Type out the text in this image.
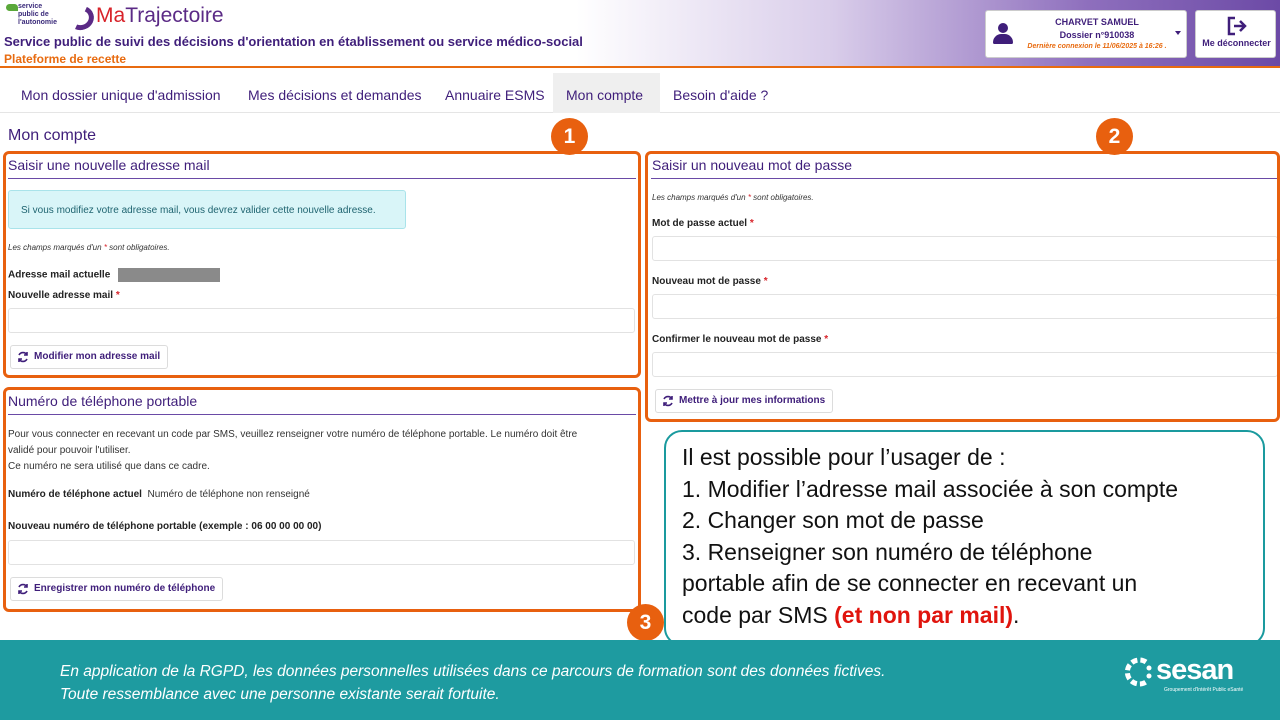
service public de l'autonomie	MaTrajectoire
Service public de suivi des décisions d'orientation en établissement ou service médico-social
Plateforme de recette
CHARVET SAMUEL
Dossier n°910038
Dernière connexion le 11/06/2025 à 16:26 .	Me déconnecter
Mon dossier unique d'admission	Mes décisions et demandes	Annuaire ESMS	Mon compte	Besoin d'aide ?
Mon compte
Saisir une nouvelle adresse mail
Si vous modifiez votre adresse mail, vous devrez valider cette nouvelle adresse.
Les champs marqués d'un * sont obligatoires.
Adresse mail actuelle
Nouvelle adresse mail *
Modifier mon adresse mail
Saisir un nouveau mot de passe
Les champs marqués d'un * sont obligatoires.
Mot de passe actuel *
Nouveau mot de passe *
Confirmer le nouveau mot de passe *
Mettre à jour mes informations
Numéro de téléphone portable
Pour vous connecter en recevant un code par SMS, veuillez renseigner votre numéro de téléphone portable. Le numéro doit être
validé pour pouvoir l'utiliser.
Ce numéro ne sera utilisé que dans ce cadre.
Numéro de téléphone actuel Numéro de téléphone non renseigné
Nouveau numéro de téléphone portable (exemple : 06 00 00 00 00)
Enregistrer mon numéro de téléphone
1	2
3
Il est possible pour l’usager de :
1. Modifier l’adresse mail associée à son compte
2. Changer son mot de passe
3. Renseigner son numéro de téléphone
portable afin de se connecter en recevant un
code par SMS (et non par mail).
En application de la RGPD, les données personnelles utilisées dans ce parcours de formation sont des données fictives.
Toute ressemblance avec une personne existante serait fortuite.
sesan
Groupement d'Intérêt Public eSanté
